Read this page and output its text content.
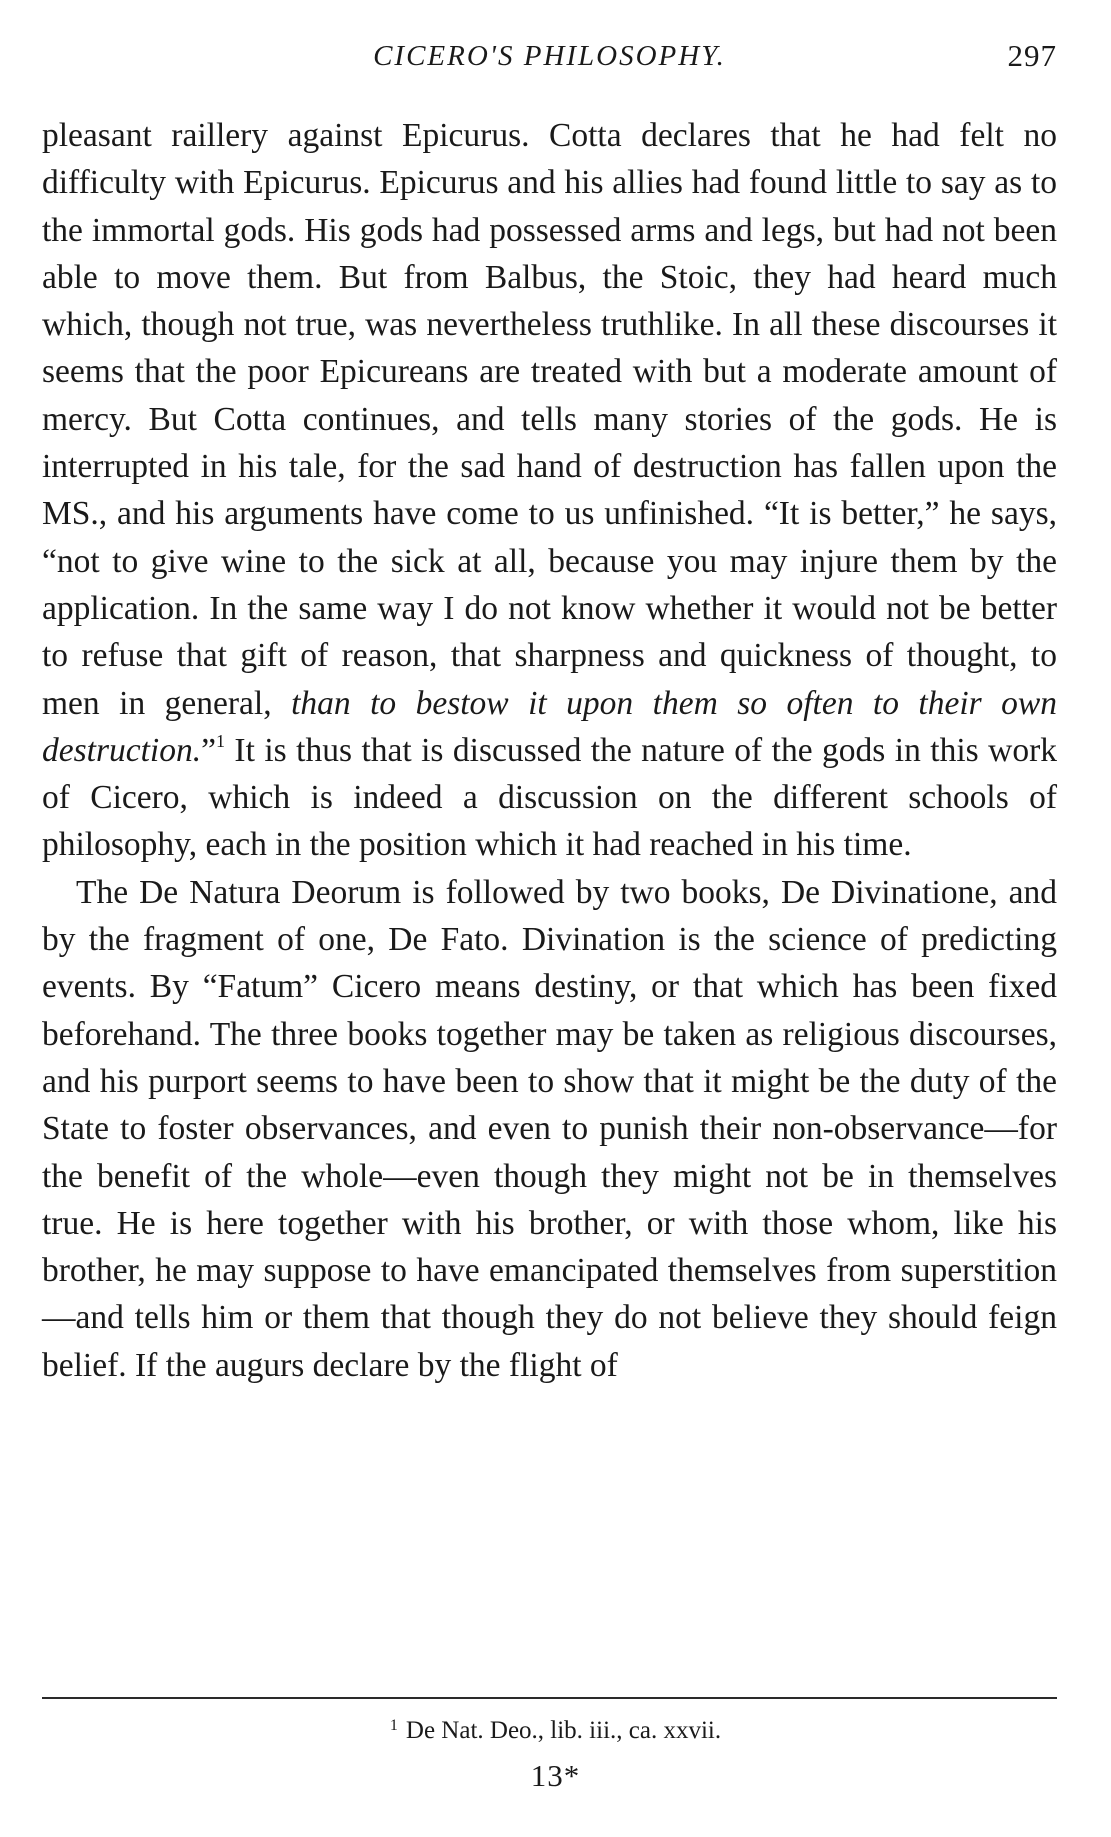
CICERO'S PHILOSOPHY.	297

pleasant raillery against Epicurus. Cotta declares that he had felt no difficulty with Epicurus. Epicurus and his allies had found little to say as to the immortal gods. His gods had possessed arms and legs, but had not been able to move them. But from Balbus, the Stoic, they had heard much which, though not true, was nevertheless truthlike. In all these discourses it seems that the poor Epicureans are treated with but a moderate amount of mercy. But Cotta continues, and tells many stories of the gods. He is interrupted in his tale, for the sad hand of destruction has fallen upon the MS., and his arguments have come to us unfinished. “It is better,” he says, “not to give wine to the sick at all, because you may injure them by the application. In the same way I do not know whether it would not be better to refuse that gift of reason, that sharpness and quickness of thought, to men in general, than to bestow it upon them so often to their own destruction.”$^1$ It is thus that is discussed the nature of the gods in this work of Cicero, which is indeed a discussion on the different schools of philosophy, each in the position which it had reached in his time.

The De Natura Deorum is followed by two books, De Divinatione, and by the fragment of one, De Fato. Divination is the science of predicting events. By “Fatum” Cicero means destiny, or that which has been fixed beforehand. The three books together may be taken as religious discourses, and his purport seems to have been to show that it might be the duty of the State to foster observances, and even to punish their non-observance—for the benefit of the whole—even though they might not be in themselves true. He is here together with his brother, or with those whom, like his brother, he may suppose to have emancipated themselves from superstition —and tells him or them that though they do not believe they should feign belief. If the augurs declare by the flight of

$^1$ De Nat. Deo., lib. iii., ca. xxvii.
13*
